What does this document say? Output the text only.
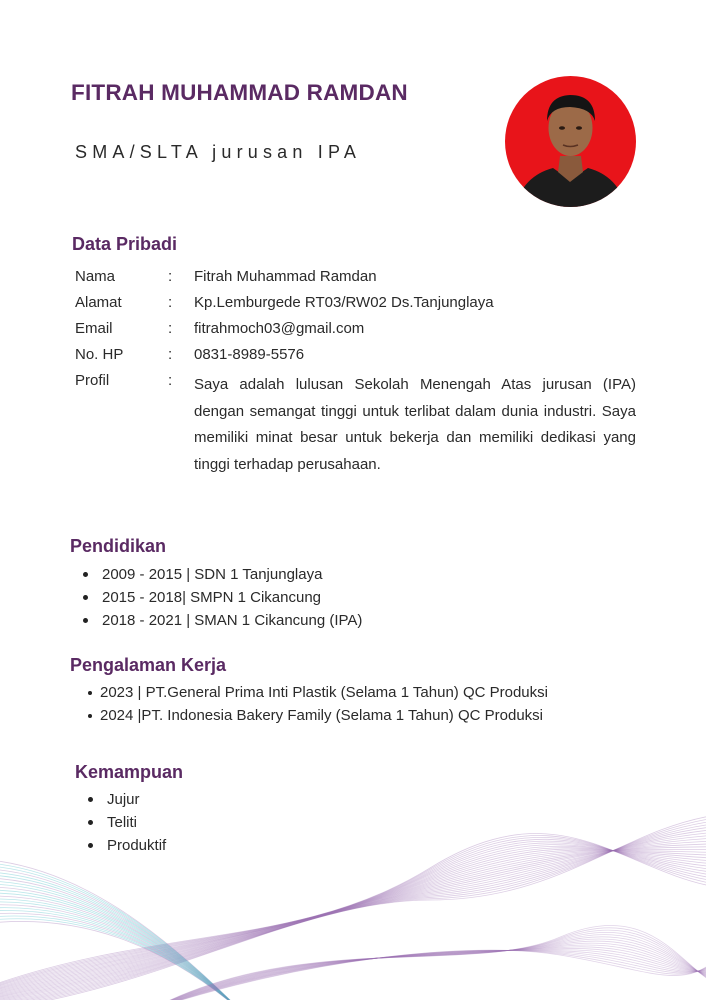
FITRAH MUHAMMAD RAMDAN

SMA/SLTA jurusan IPA

Data Pribadi
Nama	: Fitrah Muhammad Ramdan
Alamat	: Kp.Lemburgede RT03/RW02 Ds.Tanjunglaya
Email	: fitrahmoch03@gmail.com
No. HP	: 0831-8989-5576
Profil	: Saya adalah lulusan Sekolah Menengah Atas jurusan (IPA) dengan semangat tinggi untuk terlibat dalam dunia industri. Saya memiliki minat besar untuk bekerja dan memiliki dedikasi yang tinggi terhadap perusahaan.

Pendidikan
2009 - 2015 | SDN 1 Tanjunglaya
2015 - 2018| SMPN 1 Cikancung
2018 - 2021 | SMAN 1 Cikancung (IPA)
Pengalaman Kerja
2023 | PT.General Prima Inti Plastik (Selama 1 Tahun) QC Produksi
2024 |PT. Indonesia Bakery Family (Selama 1 Tahun) QC Produksi
Kemampuan
Jujur
Teliti
Produktif
